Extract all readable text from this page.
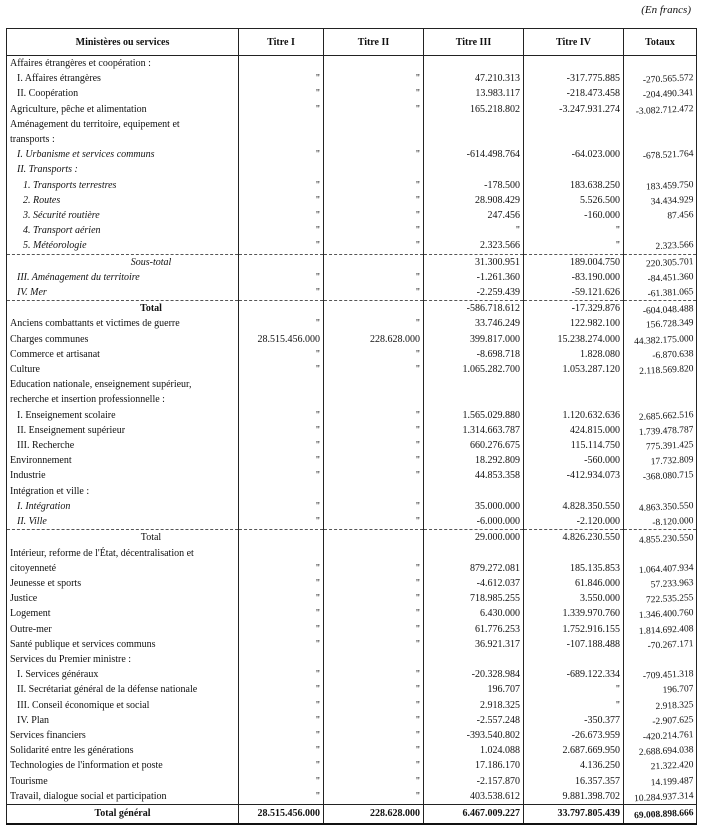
(En francs)
Ministères ou services	Titre I	Titre II	Titre III	Titre IV	Totaux
Affaires étrangères et coopération :					
I. Affaires étrangères	"	"	47.210.313	-317.775.885	-270.565.572
II. Coopération	"	"	13.983.117	-218.473.458	-204.490.341
Agriculture, pêche et alimentation	"	"	165.218.802	-3.247.931.274	-3.082.712.472
Aménagement du territoire, equipement et					
transports :					
I. Urbanisme et services communs	"	"	-614.498.764	-64.023.000	-678.521.764
II. Transports :					
1. Transports terrestres	"	"	-178.500	183.638.250	183.459.750
2. Routes	"	"	28.908.429	5.526.500	34.434.929
3. Sécurité routière	"	"	247.456	-160.000	87.456
4. Transport aérien	"	"	"	"	
5. Météorologie	"	"	2.323.566	"	2.323.566
Sous-total			31.300.951	189.004.750	220.305.701
III. Aménagement du territoire	"	"	-1.261.360	-83.190.000	-84.451.360
IV. Mer	"	"	-2.259.439	-59.121.626	-61.381.065
Total			-586.718.612	-17.329.876	-604.048.488
Anciens combattants et victimes de guerre	"	"	33.746.249	122.982.100	156.728.349
Charges communes	28.515.456.000	228.628.000	399.817.000	15.238.274.000	44.382.175.000
Commerce et artisanat	"	"	-8.698.718	1.828.080	-6.870.638
Culture	"	"	1.065.282.700	1.053.287.120	2.118.569.820
Education nationale, enseignement supérieur,					
recherche et insertion professionnelle :					
I. Enseignement scolaire	"	"	1.565.029.880	1.120.632.636	2.685.662.516
II. Enseignement supérieur	"	"	1.314.663.787	424.815.000	1.739.478.787
III. Recherche	"	"	660.276.675	115.114.750	775.391.425
Environnement	"	"	18.292.809	-560.000	17.732.809
Industrie	"	"	44.853.358	-412.934.073	-368.080.715
Intégration et ville :					
I. Intégration	"	"	35.000.000	4.828.350.550	4.863.350.550
II. Ville	"	"	-6.000.000	-2.120.000	-8.120.000
Total			29.000.000	4.826.230.550	4.855.230.550
Intérieur, reforme de l'État, décentralisation et					
citoyenneté	"	"	879.272.081	185.135.853	1.064.407.934
Jeunesse et sports	"	"	-4.612.037	61.846.000	57.233.963
Justice	"	"	718.985.255	3.550.000	722.535.255
Logement	"	"	6.430.000	1.339.970.760	1.346.400.760
Outre-mer	"	"	61.776.253	1.752.916.155	1.814.692.408
Santé publique et services communs	"	"	36.921.317	-107.188.488	-70.267.171
Services du Premier ministre :					
I. Services généraux	"	"	-20.328.984	-689.122.334	-709.451.318
II. Secrétariat général de la défense nationale	"	"	196.707	"	196.707
III. Conseil économique et social	"	"	2.918.325	"	2.918.325
IV. Plan	"	"	-2.557.248	-350.377	-2.907.625
Services financiers	"	"	-393.540.802	-26.673.959	-420.214.761
Solidarité entre les générations	"	"	1.024.088	2.687.669.950	2.688.694.038
Technologies de l'information et poste	"	"	17.186.170	4.136.250	21.322.420
Tourisme	"	"	-2.157.870	16.357.357	14.199.487
Travail, dialogue social et participation	"	"	403.538.612	9.881.398.702	10.284.937.314
Total général	28.515.456.000	228.628.000	6.467.009.227	33.797.805.439	69.008.898.666
